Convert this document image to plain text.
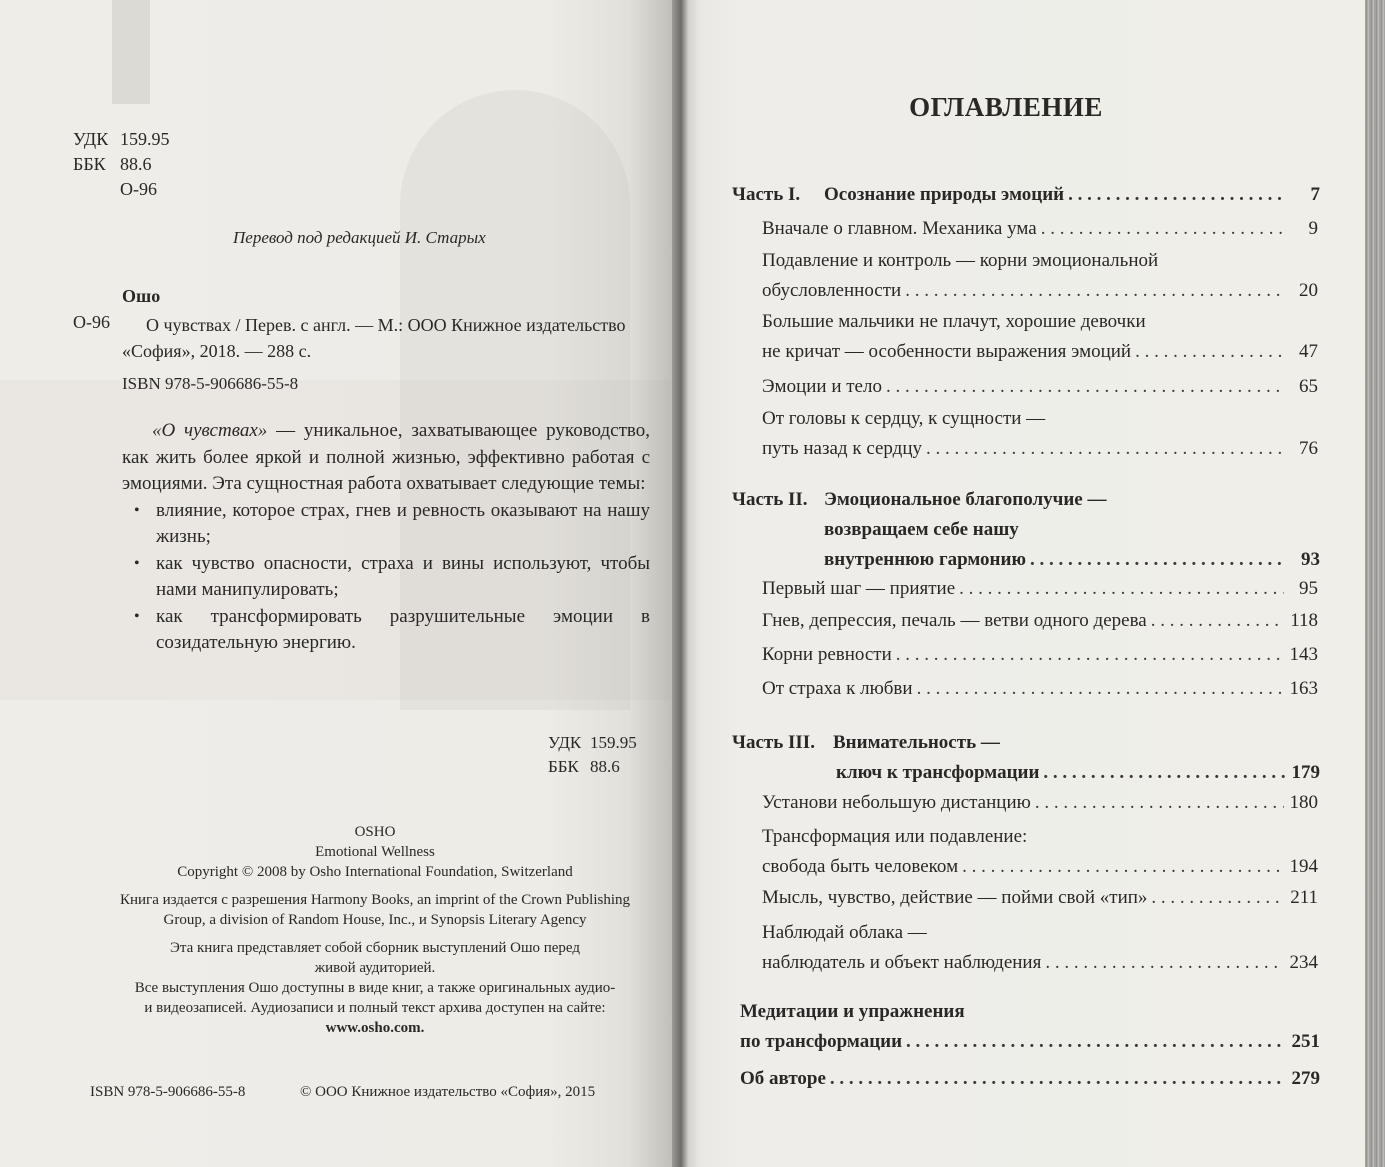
УДК 159.95
ББК 88.6
О-96
Перевод под редакцией И. Старых
Ошо
О-96	О чувствах / Перев. с англ. — М.: ООО Книжное издательство «София», 2018. — 288 с.
ISBN 978-5-906686-55-8

«О чувствах» — уникальное, захватывающее руководство, как жить более яркой и полной жизнью, эффективно работая с эмоциями. Эта сущностная работа охватывает следующие темы:

• влияние, которое страх, гнев и ревность оказывают на нашу жизнь;
• как чувство опасности, страха и вины используют, чтобы нами манипулировать;
• как трансформировать разрушительные эмоции в созидательную энергию.
УДК 159.95
ББК 88.6
OSHO
Emotional Wellness
Copyright © 2008 by Osho International Foundation, Switzerland
Книга издается с разрешения Harmony Books, an imprint of the Crown Publishing
Group, a division of Random House, Inc., и Synopsis Literary Agency
Эта книга представляет собой сборник выступлений Ошо перед
живой аудиторией.
Все выступления Ошо доступны в виде книг, а также оригинальных аудио-
и видеозаписей. Аудиозаписи и полный текст архива доступен на сайте:
www.osho.com.
ISBN 978-5-906686-55-8	© ООО Книжное издательство «София», 2015
ОГЛАВЛЕНИЕ
Часть I.	Осознание природы эмоций . . .	7
Вначале о главном. Механика ума . . .	9
Подавление и контроль — корни эмоциональной
обусловленности . . .	20
Большие мальчики не плачут, хорошие девочки
не кричат — особенности выражения эмоций . . .	47
Эмоции и тело . . .	65
От головы к сердцу, к сущности —
путь назад к сердцу . . .	76
Часть II. Эмоциональное благополучие —
возвращаем себе нашу
внутреннюю гармонию . . .	93
Первый шаг — приятие . . .	95
Гнев, депрессия, печаль — ветви одного дерева . . .	118
Корни ревности . . .	143
От страха к любви . . .	163
Часть III. Внимательность —
ключ к трансформации . . .	179
Установи небольшую дистанцию . . .	180
Трансформация или подавление:
свобода быть человеком . . .	194
Мысль, чувство, действие — пойми свой «тип» . . .	211
Наблюдай облака —
наблюдатель и объект наблюдения . . .	234
Медитации и упражнения
по трансформации . . .	251
Об авторе . . .	279
